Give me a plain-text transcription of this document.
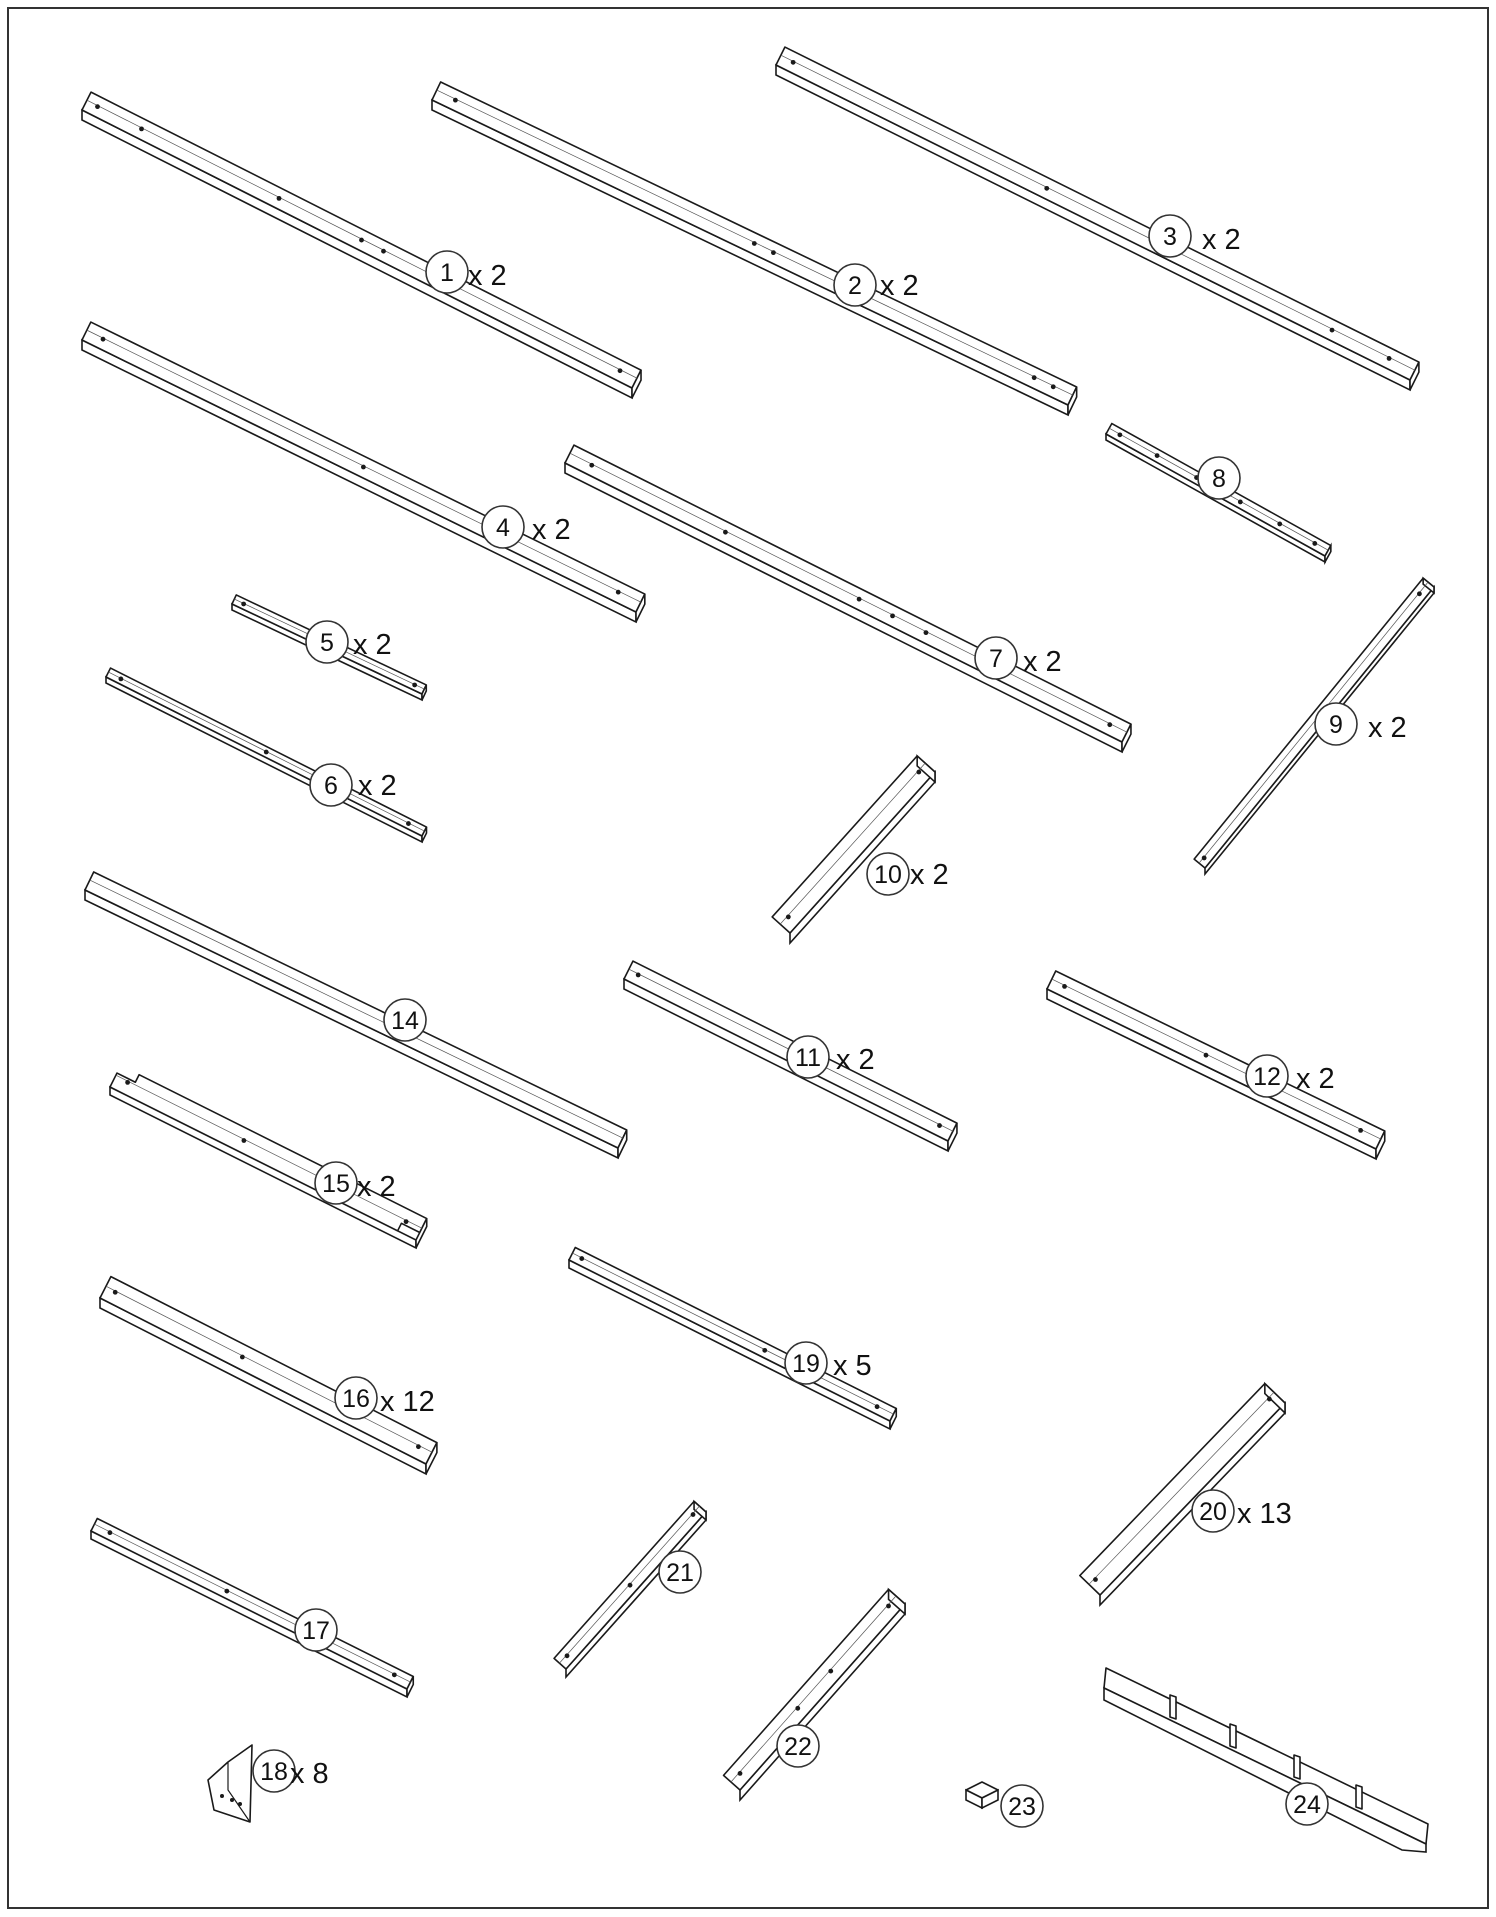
1 x 2	2 x 2
3 x 2
4 x 2
5 x 2
6 x 2
7 x 2
8
9 x 2
10 x 2
11 x 2
12 x 2
14
15 x 2
16 x 12
17
18 x 8
19 x 5
20 x 13
21
22
23	24
